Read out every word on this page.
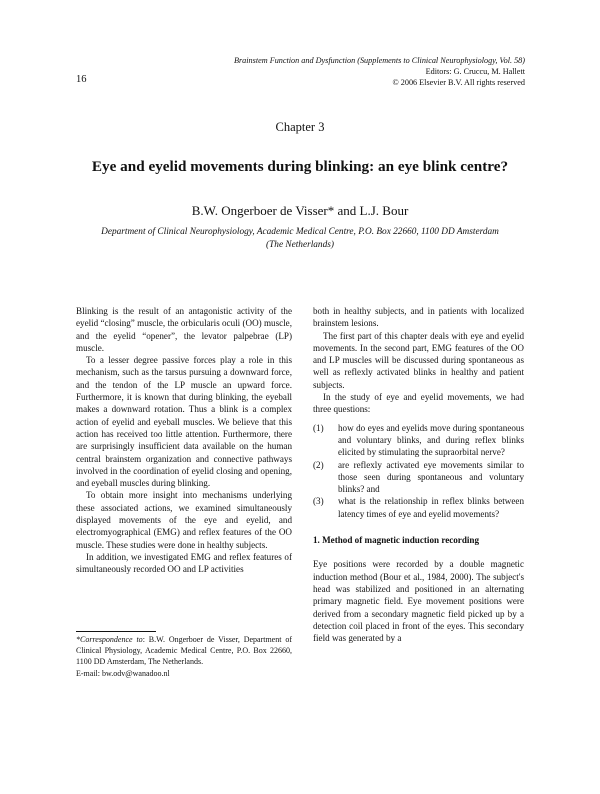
16
Brainstem Function and Dysfunction (Supplements to Clinical Neurophysiology, Vol. 58)
Editors: G. Cruccu, M. Hallett
© 2006 Elsevier B.V. All rights reserved
Chapter 3
Eye and eyelid movements during blinking: an eye blink centre?
B.W. Ongerboer de Visser* and L.J. Bour
Department of Clinical Neurophysiology, Academic Medical Centre, P.O. Box 22660, 1100 DD Amsterdam
(The Netherlands)

Blinking is the result of an antagonistic activity of the eyelid “closing” muscle, the orbicularis oculi (OO) muscle, and the eyelid “opener”, the levator palpebrae (LP) muscle.

To a lesser degree passive forces play a role in this mechanism, such as the tarsus pursuing a downward force, and the tendon of the LP muscle an upward force. Furthermore, it is known that during blinking, the eyeball makes a downward rotation. Thus a blink is a complex action of eyelid and eyeball muscles. We believe that this action has received too little attention. Furthermore, there are surprisingly insufficient data available on the human central brainstem organization and connective pathways involved in the coordination of eyelid closing and opening, and eyeball muscles during blinking.

To obtain more insight into mechanisms underlying these associated actions, we examined simultaneously displayed movements of the eye and eyelid, and electromyographical (EMG) and reflex features of the OO muscle. These studies were done in healthy subjects.

In addition, we investigated EMG and reflex features of simultaneously recorded OO and LP activities

both in healthy subjects, and in patients with localized brainstem lesions.

The first part of this chapter deals with eye and eyelid movements. In the second part, EMG features of the OO and LP muscles will be discussed during spontaneous as well as reflexly activated blinks in healthy and patient subjects.

In the study of eye and eyelid movements, we had three questions:

(1) how do eyes and eyelids move during spontaneous and voluntary blinks, and during reflex blinks elicited by stimulating the supraorbital nerve?
(2) are reflexly activated eye movements similar to those seen during spontaneous and voluntary blinks? and
(3) what is the relationship in reflex blinks between latency times of eye and eyelid movements?

1. Method of magnetic induction recording

Eye positions were recorded by a double magnetic induction method (Bour et al., 1984, 2000). The subject's head was stabilized and positioned in an alternating primary magnetic field. Eye movement positions were derived from a secondary magnetic field picked up by a detection coil placed in front of the eyes. This secondary field was generated by a

*Correspondence to: B.W. Ongerboer de Visser, Department of Clinical Physiology, Academic Medical Centre, P.O. Box 22660, 1100 DD Amsterdam, The Netherlands.
E-mail: bw.odv@wanadoo.nl
